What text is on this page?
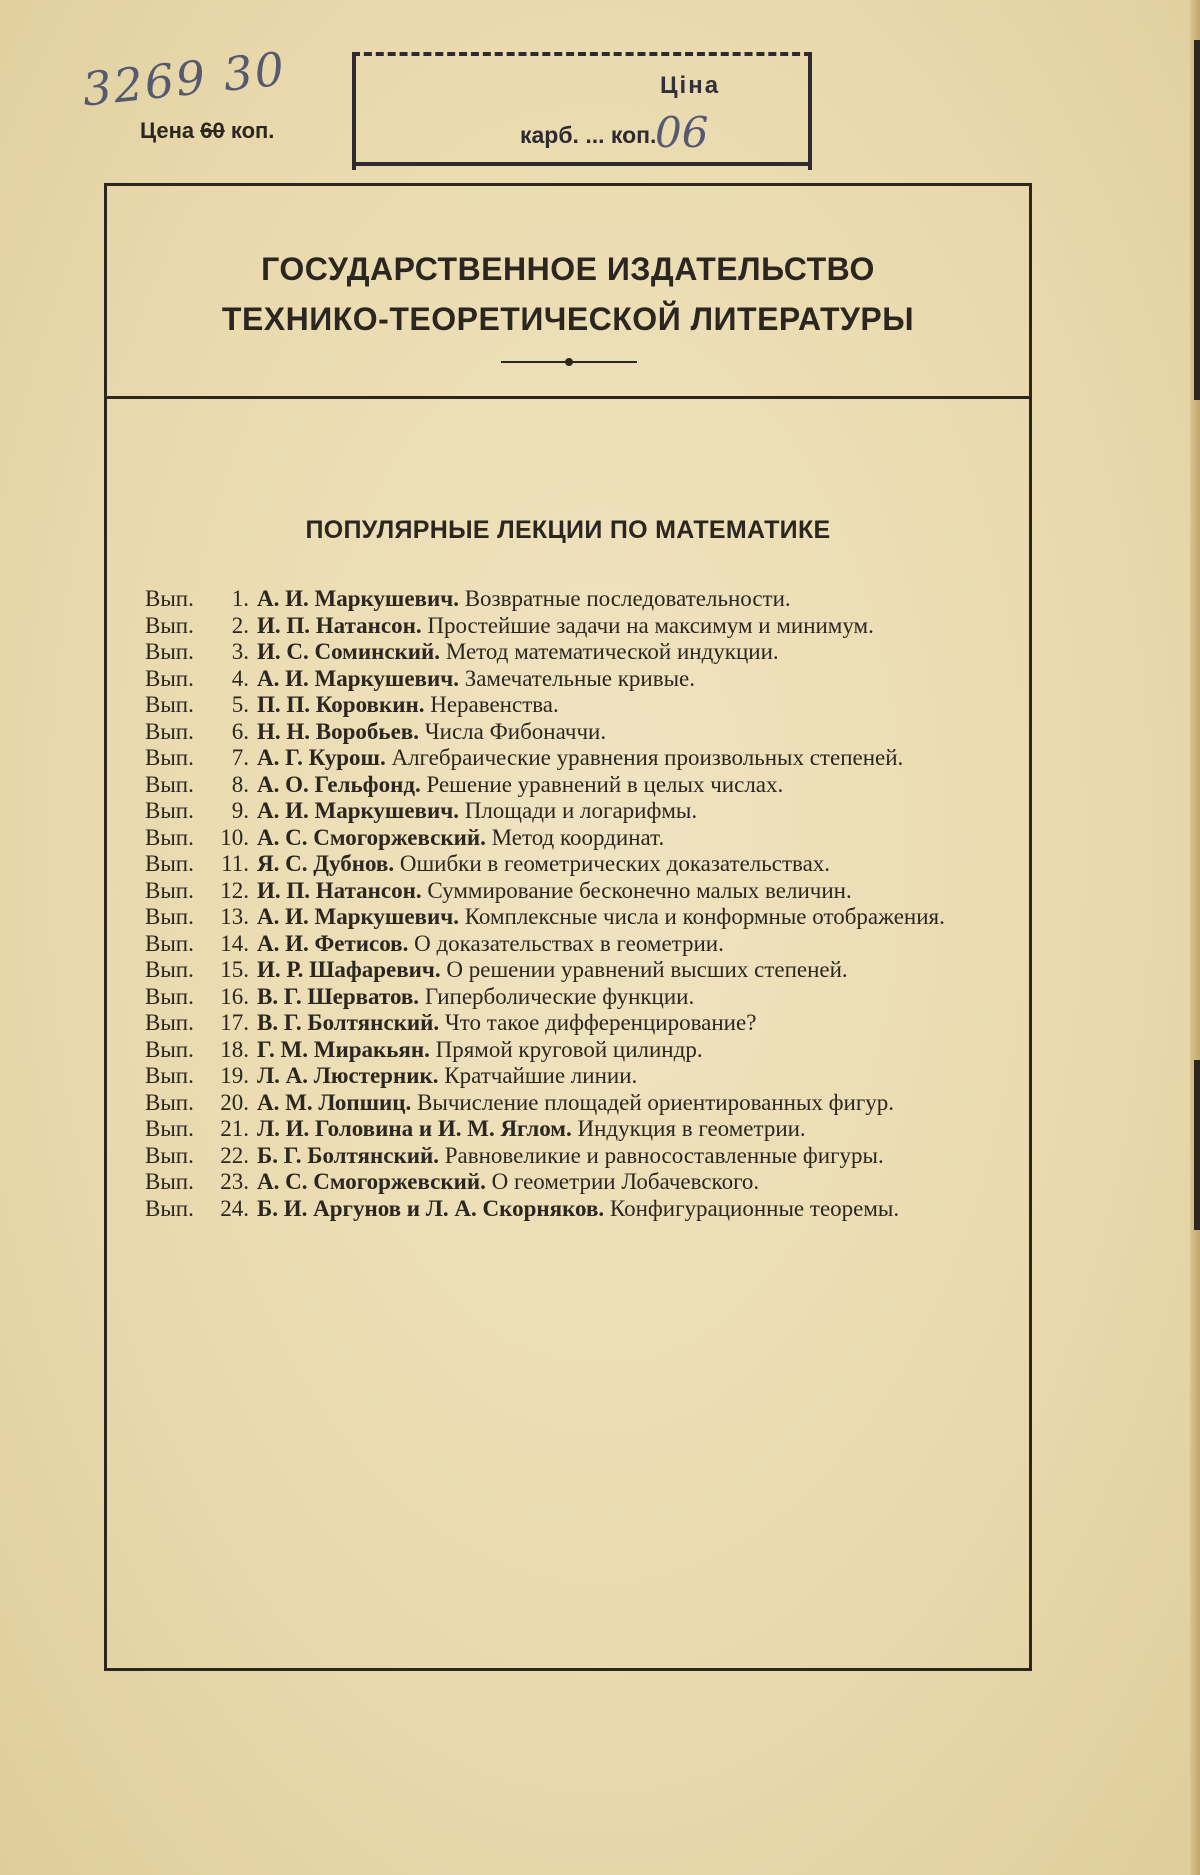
3269 30
Цена 60 коп.
Ціна
карб. ... коп.
06
ГОСУДАРСТВЕННОЕ ИЗДАТЕЛЬСТВО
ТЕХНИКО-ТЕОРЕТИЧЕСКОЙ ЛИТЕРАТУРЫ
ПОПУЛЯРНЫЕ ЛЕКЦИИ ПО МАТЕМАТИКЕ
Вып.	1. А. И. Маркушевич. Возвратные последовательности.
Вып.	2. И. П. Натансон. Простейшие задачи на максимум и минимум.
Вып.	3. И. С. Соминский. Метод математической индукции.
Вып.	4. А. И. Маркушевич. Замечательные кривые.
Вып.	5. П. П. Коровкин. Неравенства.
Вып.	6. Н. Н. Воробьев. Числа Фибоначчи.
Вып.	7. А. Г. Курош. Алгебраические уравнения произвольных степеней.
Вып.	8. А. О. Гельфонд. Решение уравнений в целых числах.
Вып.	9. А. И. Маркушевич. Площади и логарифмы.
Вып.	10. А. С. Смогоржевский. Метод координат.
Вып.	11. Я. С. Дубнов. Ошибки в геометрических доказательствах.
Вып.	12. И. П. Натансон. Суммирование бесконечно малых величин.
Вып.	13. А. И. Маркушевич. Комплексные числа и конформные отображения.
Вып.	14. А. И. Фетисов. О доказательствах в геометрии.
Вып.	15. И. Р. Шафаревич. О решении уравнений высших степеней.
Вып.	16. В. Г. Шерватов. Гиперболические функции.
Вып.	17. В. Г. Болтянский. Что такое дифференцирование?
Вып.	18. Г. М. Миракьян. Прямой круговой цилиндр.
Вып.	19. Л. А. Люстерник. Кратчайшие линии.
Вып.	20. А. М. Лопшиц. Вычисление площадей ориентированных фигур.
Вып.	21. Л. И. Головина и И. М. Яглом. Индукция в геометрии.
Вып.	22. Б. Г. Болтянский. Равновеликие и равносоставленные фигуры.
Вып.	23. А. С. Смогоржевский. О геометрии Лобачевского.
Вып.	24. Б. И. Аргунов и Л. А. Скорняков. Конфигурационные теоремы.
